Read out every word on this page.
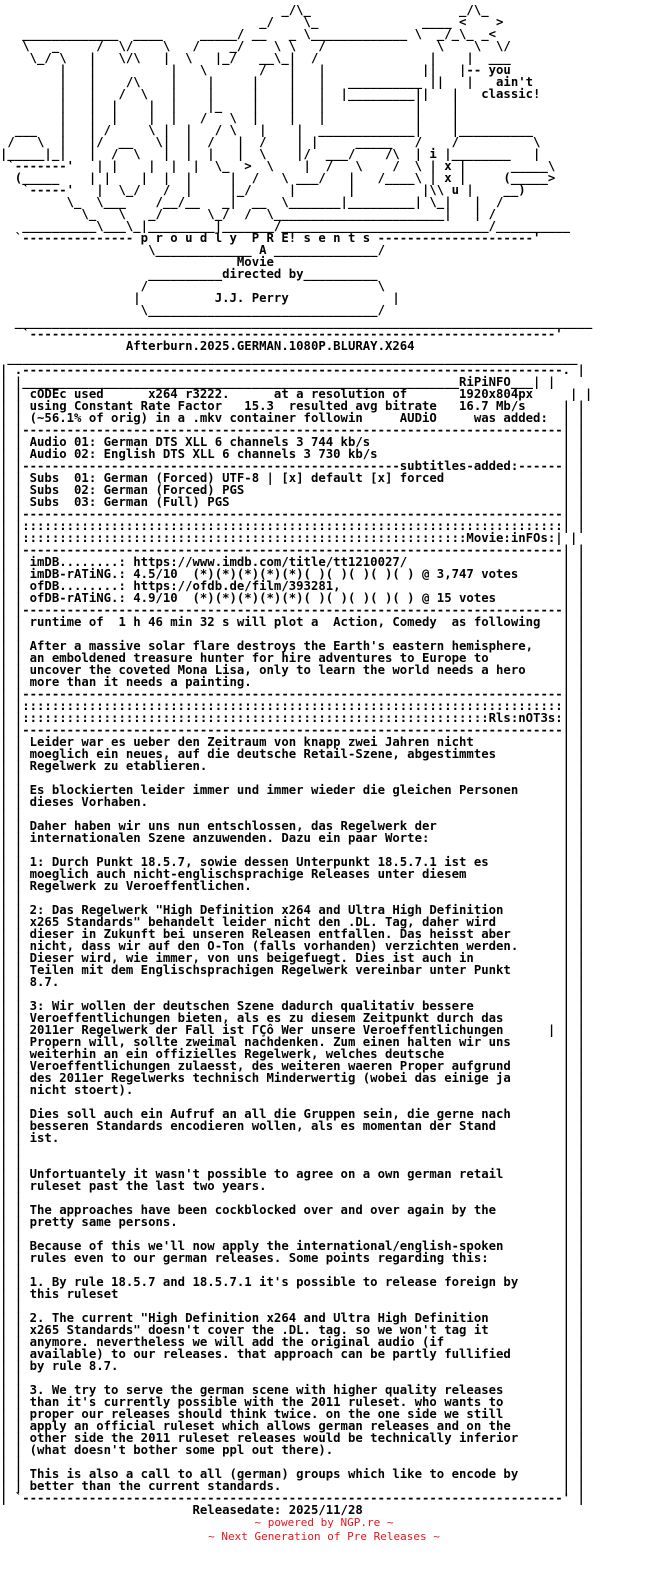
_/\_                    _/\_
_/    \_              ____ <    >
_____________  ____     _____/ __   _ \_____________ \  _/_\_ _<
\   _     /  \/    \   /    _/    \ \   /               \    \  \/
\_/ \   |   \/\   |  \   |_/   __\_|  /               |    |  ___
|   |          |   \       /   |   |             ||   |-- you
|   |    /\    |    |     |    |   |   __________ ||   |   ain't
|   |   /  \   |    |     |    |   |  |_________||   |   classic!
|   |  |    |  |    |_    |    |   |            |    |
|   |  |    |  |   /   \  |    |   |            |    |
___   |   | /     \ |  |   / \   |    |  _____________|    |__________
/   \  |   |/  __   \|  |  /   |  /    | |     _____   /    /          \
|_____|_|   |  /  \   |  |  |   |  \    |/  ___/    /\  | i |________   |
`-------'   | |    |  |  |  \_  >  \    |  /   \    /  \ | x |      _____\
(_____    | |    |  |  |     |  /   \ ___/   |   /____\ | x |     (_____>
`-----'   |  \_/   /  |     |_/     |       |         |\\ u |    __)
\_  \___    /__/__   _|  __  \_______|_________| \_|   |  /
\_   \   _/      \_/  /  \_______________________|   | /
__________\___\_|_________|_______/____________________________/__________
`--------------- p r o u d l y  P R E! s e n t s ---------------------'
\_____________ A ______________/
Movie
__________directed by__________
/                               \
|          J.J. Perry              |
\_______________________________/
______________________________________________________________________________
`-----------------------------------------------------------------------'
Afterburn.2025.GERMAN.1080P.BLURAY.X264
_____________________________________________________________________________
| .-------------------------------------------------------------------------. |
| |___________________________________________________________RiPiNFO___| |
| | cODEc used      x264 r3222.      at a resolution of       1920x804px     | |
| | using Constant Rate Factor   15.3  resulted avg bitrate   16.7 Mb/s     | |
| | (~56.1% of orig) in a .mkv container followin     AUDiO     was added:  | |
| |-------------------------------------------------------------------------| |
| | Audio 01: German DTS XLL 6 channels 3 744 kb/s                          | |
| | Audio 02: English DTS XLL 6 channels 3 730 kb/s                         | |
| |---------------------------------------------------subtitles-added:------| |
| | Subs  01: German (Forced) UTF-8 | [x] default [x] forced                | |
| | Subs  02: German (Forced) PGS                                           | |
| | Subs  03: German (Full) PGS                                             | |
| |-------------------------------------------------------------------------| |
| |:::::::::::::::::::::::::::::::::::::::::::::::::::::::::::::::::::::::::| |
| |::::::::::::::::::::::::::::::::::::::::::::::::::::::::::::Movie:inFOs:| |
| |-------------------------------------------------------------------------| |
| | imDB........: https://www.imdb.com/title/tt1210027/                     | |
| | imDB-rATiNG.: 4.5/10  (*)(*)(*)(*)(*)( )( )( )( )( ) @ 3,747 votes      | |
| | ofDB........: https://ofdb.de/film/393281,                              | |
| | ofDB-rATiNG.: 4.9/10  (*)(*)(*)(*)(*)( )( )( )( )( ) @ 15 votes         | |
| |-------------------------------------------------------------------------| |
| | runtime of  1 h 46 min 32 s will plot a  Action, Comedy  as following   | |
| |                                                                         | |
| | After a massive solar flare destroys the Earth's eastern hemisphere,    | |
| | an emboldened treasure hunter for hire adventures to Europe to          | |
| | uncover the coveted Mona Lisa, only to learn the world needs a hero     | |
| | more than it needs a painting.                                          | |
| |-------------------------------------------------------------------------| |
| |:::::::::::::::::::::::::::::::::::::::::::::::::::::::::::::::::::::::::| |
| |:::::::::::::::::::::::::::::::::::::::::::::::::::::::::::::::Rls:nOT3s:| |
| |-------------------------------------------------------------------------| |
| | Leider war es ueber den Zeitraum von knapp zwei Jahren nicht            | |
| | moeglich ein neues, auf die deutsche Retail-Szene, abgestimmtes         | |
| | Regelwerk zu etablieren.                                                | |
| |                                                                         | |
| | Es blockierten leider immer und immer wieder die gleichen Personen      | |
| | dieses Vorhaben.                                                        | |
| |                                                                         | |
| | Daher haben wir uns nun entschlossen, das Regelwerk der                 | |
| | internationalen Szene anzuwenden. Dazu ein paar Worte:                  | |
| |                                                                         | |
| | 1: Durch Punkt 18.5.7, sowie dessen Unterpunkt 18.5.7.1 ist es          | |
| | moeglich auch nicht-englischsprachige Releases unter diesem             | |
| | Regelwerk zu Veroeffentlichen.                                          | |
| |                                                                         | |
| | 2: Das Regelwerk "High Definition x264 and Ultra High Definition        | |
| | x265 Standards" behandelt leider nicht den .DL. Tag, daher wird         | |
| | dieser in Zukunft bei unseren Releasen entfallen. Das heisst aber       | |
| | nicht, dass wir auf den O-Ton (falls vorhanden) verzichten werden.      | |
| | Dieser wird, wie immer, von uns beigefuegt. Dies ist auch in            | |
| | Teilen mit dem Englischsprachigen Regelwerk vereinbar unter Punkt       | |
| | 8.7.                                                                    | |
| |                                                                         | |
| | 3: Wir wollen der deutschen Szene dadurch qualitativ bessere            | |
| | Veroeffentlichungen bieten, als es zu diesem Zeitpunkt durch das        | |
| | 2011er Regelwerk der Fall ist ΓÇô Wer unsere Veroeffentlichungen      | | |
| | Propern will, sollte zweimal nachdenken. Zum einen halten wir uns       | |
| | weiterhin an ein offizielles Regelwerk, welches deutsche                | |
| | Veroeffentlichungen zulaesst, des weiteren waeren Proper aufgrund       | |
| | des 2011er Regelwerks technisch Minderwertig (wobei das einige ja       | |
| | nicht stoert).                                                          | |
| |                                                                         | |
| | Dies soll auch ein Aufruf an all die Gruppen sein, die gerne nach       | |
| | besseren Standards encodieren wollen, als es momentan der Stand         | |
| | ist.                                                                    | |
| |                                                                         | |
| |                                                                         | |
| | Unfortuantely it wasn't possible to agree on a own german retail        | |
| | ruleset past the last two years.                                        | |
| |                                                                         | |
| | The approaches have been cockblocked over and over again by the         | |
| | pretty same persons.                                                    | |
| |                                                                         | |
| | Because of this we'll now apply the international/english-spoken        | |
| | rules even to our german releases. Some points regarding this:          | |
| |                                                                         | |
| | 1. By rule 18.5.7 and 18.5.7.1 it's possible to release foreign by      | |
| | this ruleset                                                            | |
| |                                                                         | |
| | 2. The current "High Definition x264 and Ultra High Definition          | |
| | x265 Standards" doesn't cover the .DL. tag. so we won't tag it          | |
| | anymore. nevertheless we will add the original audio (if                | |
| | available) to our releases. that approach can be partly fullified       | |
| | by rule 8.7.                                                            | |
| |                                                                         | |
| | 3. We try to serve the german scene with higher quality releases        | |
| | than it's currently possible with the 2011 ruleset. who wants to        | |
| | proper our releases should think twice. on the one side we still        | |
| | apply an official ruleset which allows german releases and on the       | |
| | other side the 2011 ruleset releases would be technically inferior      | |
| | (what doesn't bother some ppl out there).                               | |
| |                                                                         | |
| | This is also a call to all (german) groups which like to encode by      | |
| | better than the current standards.                                      | |
| `-------------------------------------------------------------------------' |
Releasedate: 2025/11/28

~ powered by NGP.re ~
~ Next Generation of Pre Releases ~
